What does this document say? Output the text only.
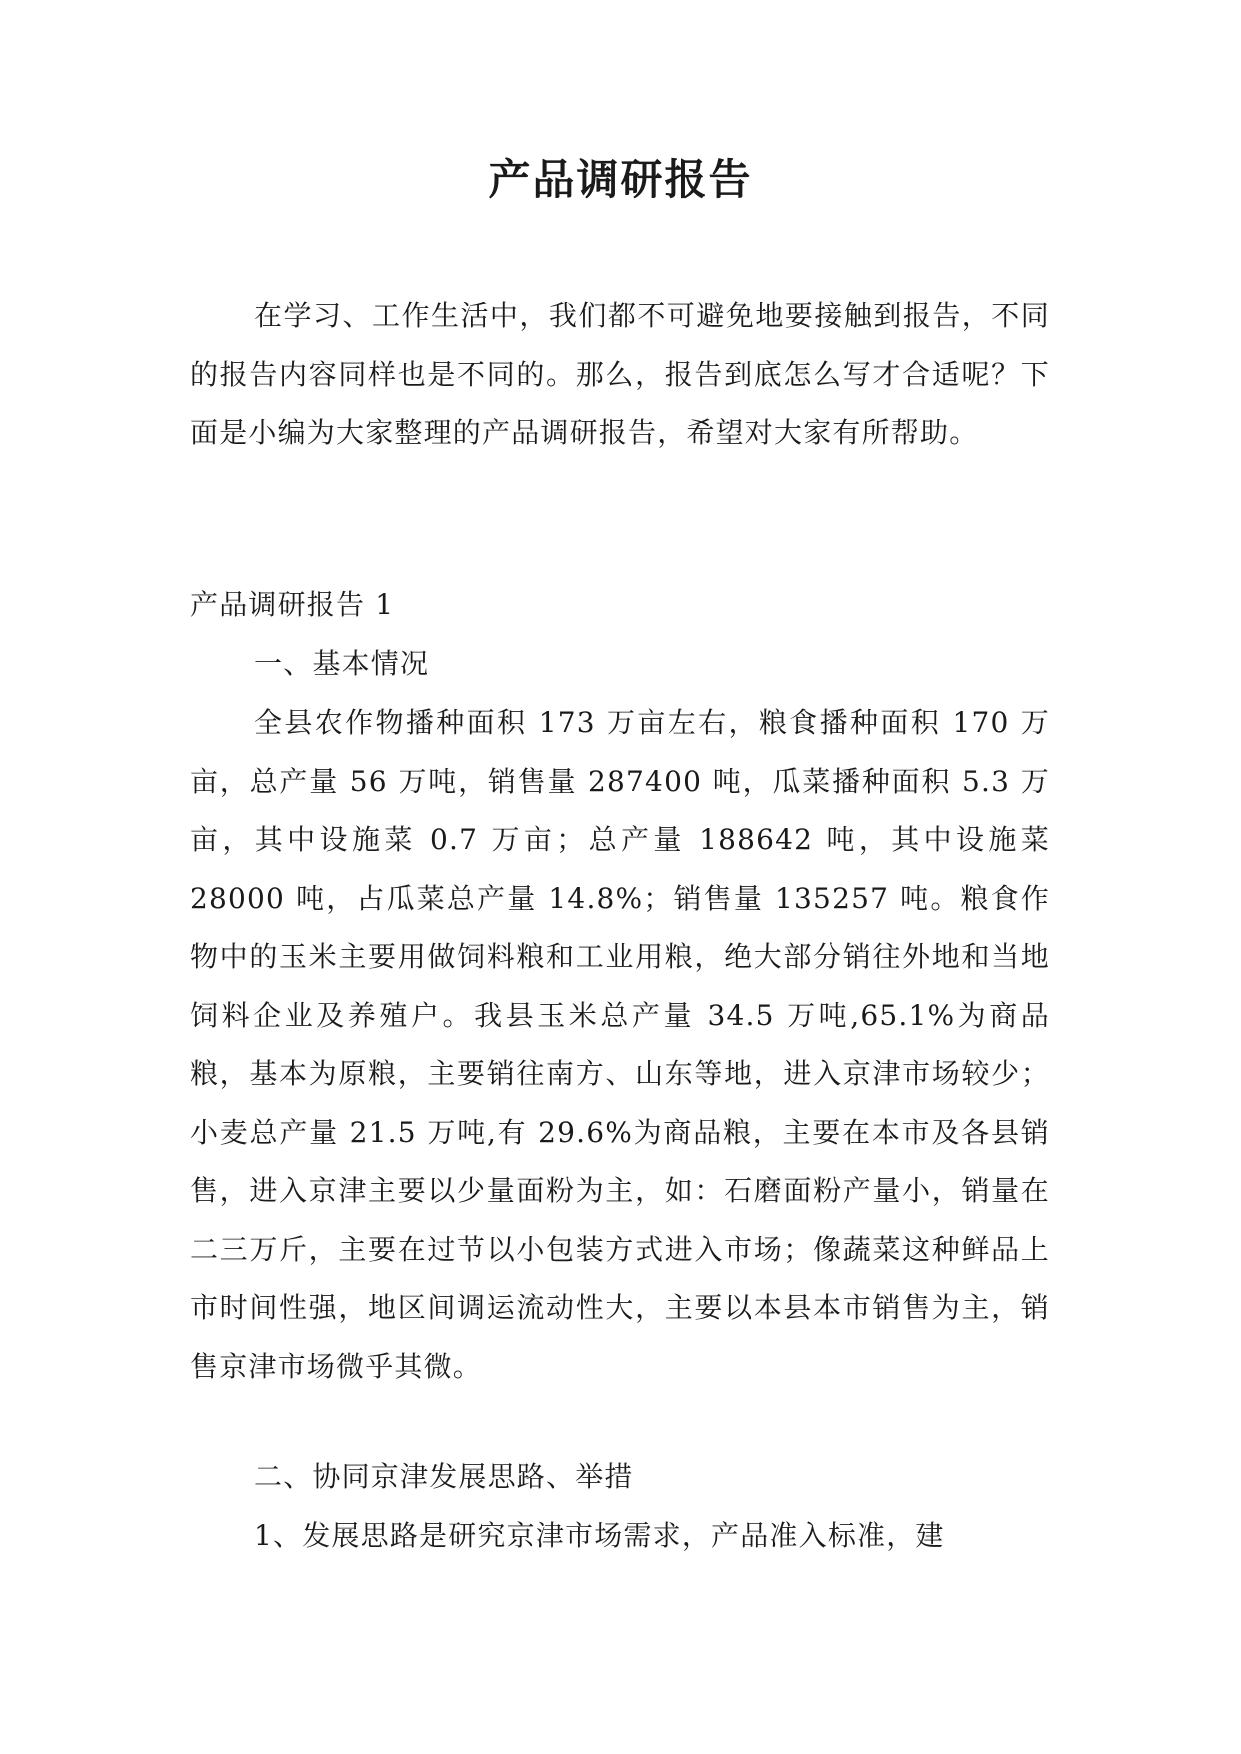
产品调研报告

在学习、工作生活中，我们都不可避免地要接触到报告，不同的报告内容同样也是不同的。那么，报告到底怎么写才合适呢？下面是小编为大家整理的产品调研报告，希望对大家有所帮助。

产品调研报告 1

一、基本情况

全县农作物播种面积 173 万亩左右，粮食播种面积 170 万亩，总产量 56 万吨，销售量 287400 吨，瓜菜播种面积 5.3 万亩，其中设施菜 0.7 万亩；总产量 188642 吨，其中设施菜 28000 吨，占瓜菜总产量 14.8%；销售量 135257 吨。粮食作物中的玉米主要用做饲料粮和工业用粮，绝大部分销往外地和当地饲料企业及养殖户。我县玉米总产量 34.5 万吨,65.1%为商品粮，基本为原粮，主要销往南方、山东等地，进入京津市场较少；小麦总产量 21.5 万吨,有 29.6%为商品粮，主要在本市及各县销售，进入京津主要以少量面粉为主，如：石磨面粉产量小，销量在二三万斤，主要在过节以小包装方式进入市场；像蔬菜这种鲜品上市时间性强，地区间调运流动性大，主要以本县本市销售为主，销售京津市场微乎其微。

二、协同京津发展思路、举措

1、发展思路是研究京津市场需求，产品准入标准，建
